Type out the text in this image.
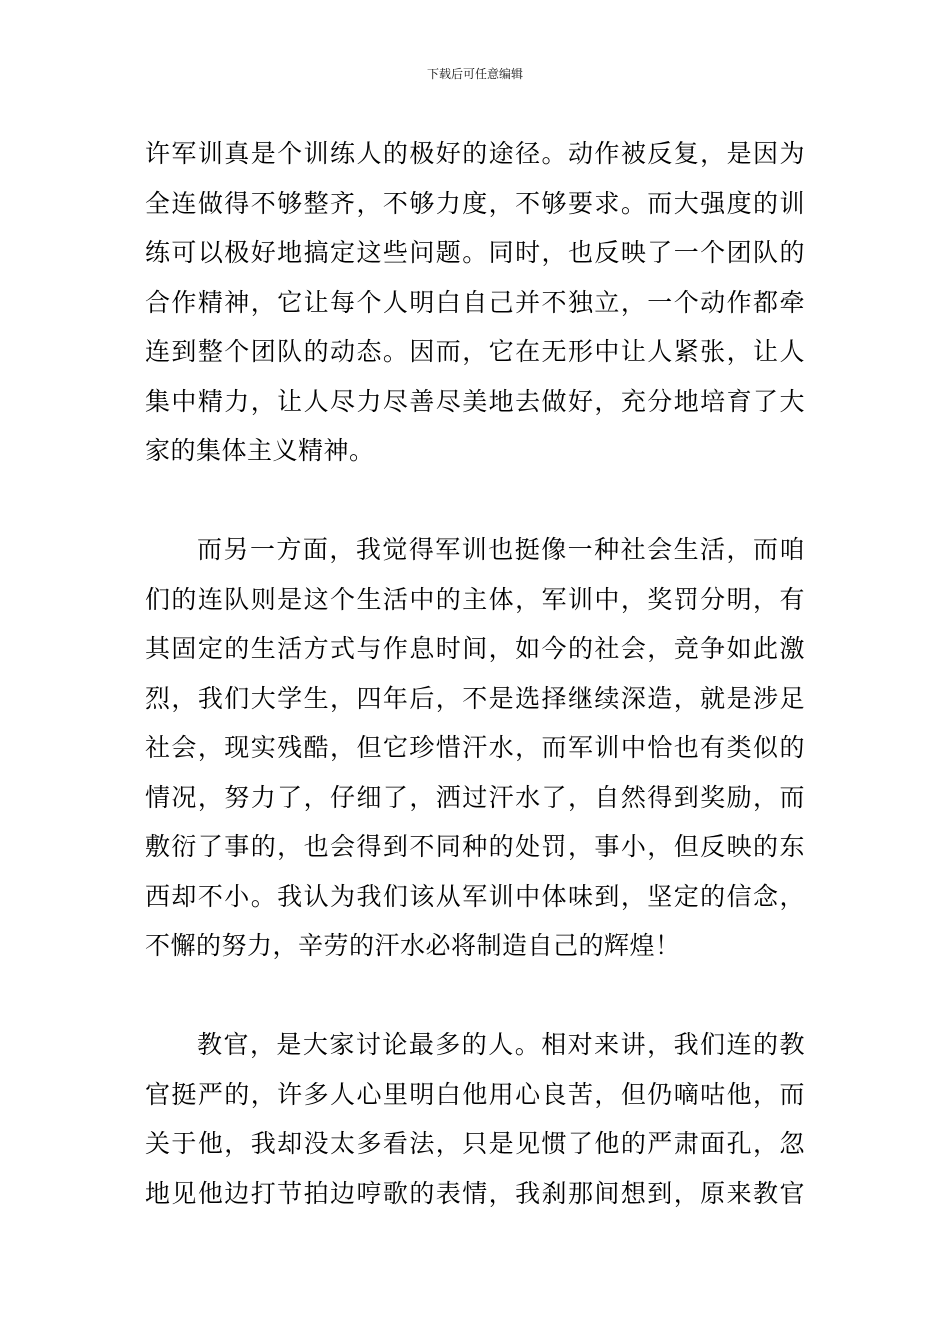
下载后可任意编辑
许军训真是个训练人的极好的途径。动作被反复，是因为
全连做得不够整齐，不够力度，不够要求。而大强度的训
练可以极好地搞定这些问题。同时，也反映了一个团队的
合作精神，它让每个人明白自己并不独立，一个动作都牵
连到整个团队的动态。因而，它在无形中让人紧张，让人
集中精力，让人尽力尽善尽美地去做好，充分地培育了大
家的集体主义精神。
而另一方面，我觉得军训也挺像一种社会生活，而咱
们的连队则是这个生活中的主体，军训中，奖罚分明，有
其固定的生活方式与作息时间，如今的社会，竞争如此激
烈，我们大学生，四年后，不是选择继续深造，就是涉足
社会，现实残酷，但它珍惜汗水，而军训中恰也有类似的
情况，努力了，仔细了，洒过汗水了，自然得到奖励，而
敷衍了事的，也会得到不同种的处罚，事小，但反映的东
西却不小。我认为我们该从军训中体味到，坚定的信念，
不懈的努力，辛劳的汗水必将制造自己的辉煌！
教官，是大家讨论最多的人。相对来讲，我们连的教
官挺严的，许多人心里明白他用心良苦，但仍嘀咕他，而
关于他，我却没太多看法，只是见惯了他的严肃面孔，忽
地见他边打节拍边哼歌的表情，我刹那间想到，原来教官
